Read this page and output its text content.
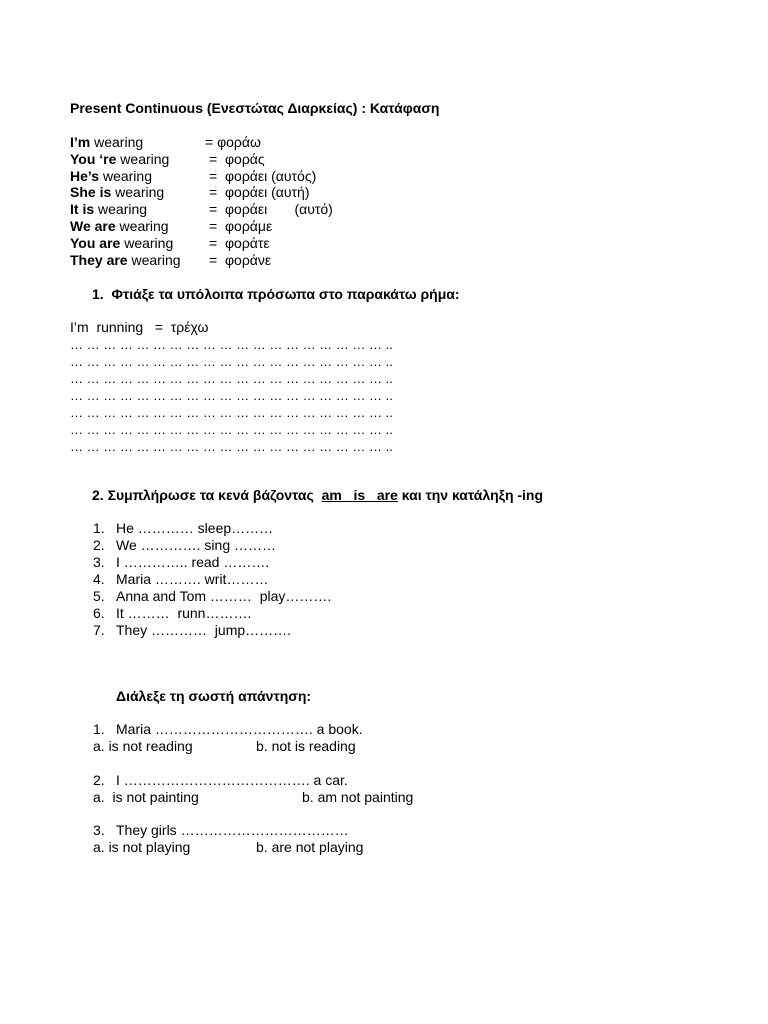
Present Continuous (Ενεστώτας Διαρκείας) : Κατάφαση
I’m wearing	= φοράω
You ‘re wearing	=  φοράς
He’s wearing	=  φοράει (αυτός)
She is wearing	=  φοράει (αυτή)
It is wearing	=  φοράει       (αυτό)
We are wearing	=  φοράμε
You are wearing	=  φοράτε
They are wearing =  φοράνε
1.  Φτιάξε τα υπόλοιπα πρόσωπα στο παρακάτω ρήμα:
I’m  running   =  τρέχω
… … … … … … … … … … … … … … … … … … … ..
… … … … … … … … … … … … … … … … … … … ..
… … … … … … … … … … … … … … … … … … … ..
… … … … … … … … … … … … … … … … … … … ..
… … … … … … … … … … … … … … … … … … … ..
… … … … … … … … … … … … … … … … … … … ..
… … … … … … … … … … … … … … … … … … … ..
2. Συμπλήρωσε τα κενά βάζοντας  am   is   are και την κατάληξη -ing
1. He ………… sleep………
2. We …………. sing ………
3. I ………….. read ……….
4. Maria ………. writ………
5. Anna and Tom ………  play……….
6. It ………  runn……….
7. They …………  jump……….
Διάλεξε τη σωστή απάντηση:
1. Maria ……………………………. a book.
a. is not reading	b. not is reading
2. I …………………………………. a car.
a.  is not painting	b. am not painting
3. They girls ………………………………
a. is not playing	b. are not playing
